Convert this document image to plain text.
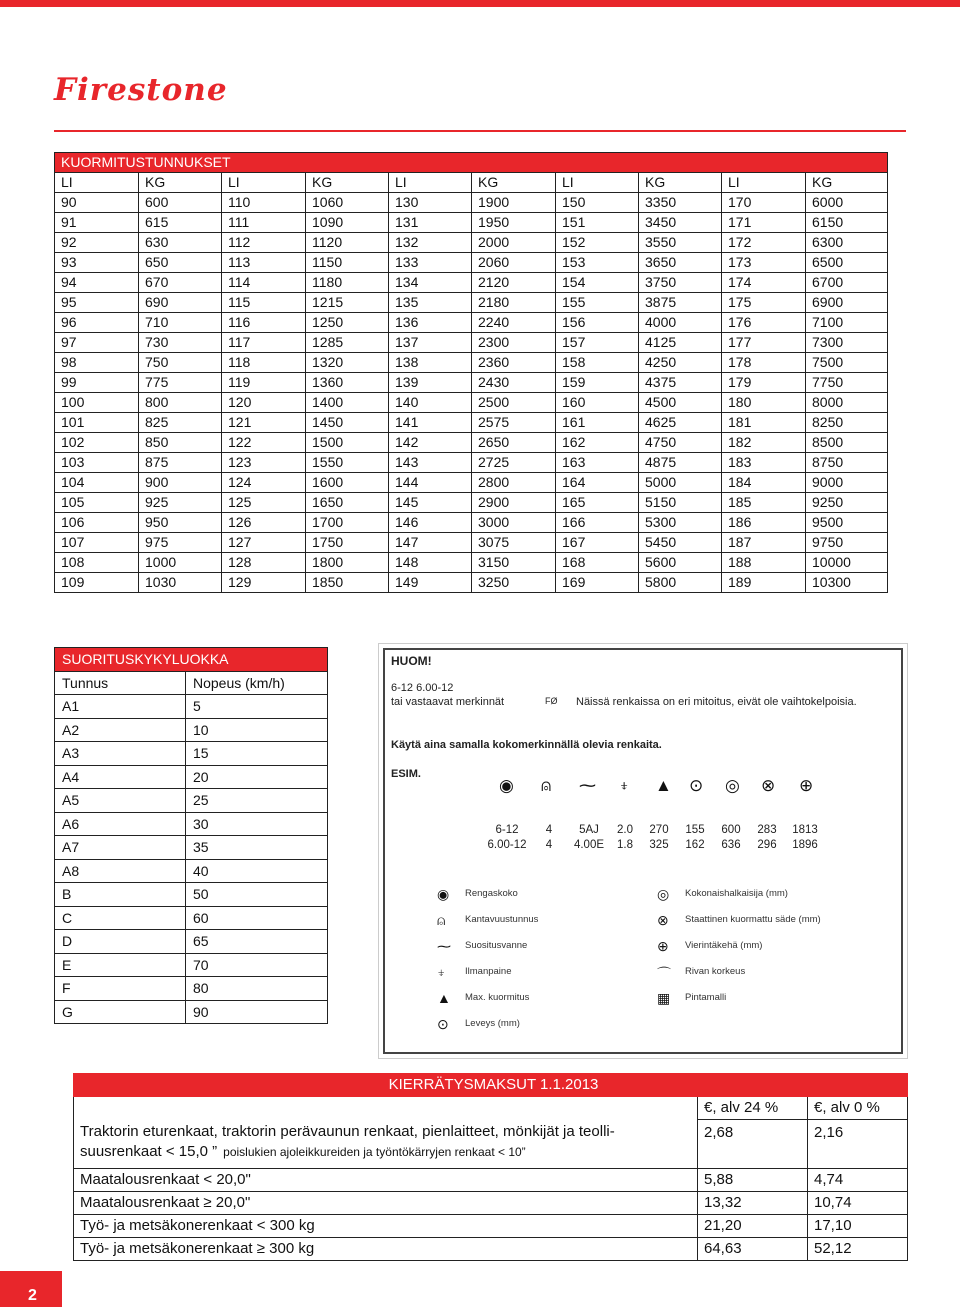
Firestone
KUORMITUSTUNNUKSET									
LI	KG	LI	KG	LI	KG	LI	KG	LI	KG
90	600	110	1060	130	1900	150	3350	170	6000
91	615	111	1090	131	1950	151	3450	171	6150
92	630	112	1120	132	2000	152	3550	172	6300
93	650	113	1150	133	2060	153	3650	173	6500
94	670	114	1180	134	2120	154	3750	174	6700
95	690	115	1215	135	2180	155	3875	175	6900
96	710	116	1250	136	2240	156	4000	176	7100
97	730	117	1285	137	2300	157	4125	177	7300
98	750	118	1320	138	2360	158	4250	178	7500
99	775	119	1360	139	2430	159	4375	179	7750
100	800	120	1400	140	2500	160	4500	180	8000
101	825	121	1450	141	2575	161	4625	181	8250
102	850	122	1500	142	2650	162	4750	182	8500
103	875	123	1550	143	2725	163	4875	183	8750
104	900	124	1600	144	2800	164	5000	184	9000
105	925	125	1650	145	2900	165	5150	185	9250
106	950	126	1700	146	3000	166	5300	186	9500
107	975	127	1750	147	3075	167	5450	187	9750
108	1000	128	1800	148	3150	168	5600	188	10000
109	1030	129	1850	149	3250	169	5800	189	10300
SUORITUSKYKYLUOKKA	
Tunnus	Nopeus (km/h)
A1	5
A2	10
A3	15
A4	20
A5	25
A6	30
A7	35
A8	40
B	50
C	60
D	65
E	70
F	80
G	90
HUOM!
6-12 6.00-12
tai vastaavat merkinnät	FØ Näissä renkaissa on eri mitoitus, eivät ole vaihtokelpoisia.
Käytä aina samalla kokomerkinnällä olevia renkaita.
ESIM.
◉ ⍝ ⁓ ⍖ ▲ ⊙ ◎ ⊗ ⊕
6-12	4	5AJ	2.0	270	155	600	283	1813
6.00-12	4	4.00E	1.8	325	162	636	296	1896
◉ Rengaskoko
⍝ Kantavuustunnus
⁓ Suositusvanne
⍖ Ilmanpaine
▲ Max. kuormitus
⊙ Leveys (mm)
◎ Kokonaishalkaisija (mm)
⊗ Staattinen kuormattu säde (mm)
⊕ Vierintäkehä (mm)
⌒ Rivan korkeus
▦ Pintamalli
KIERRÄTYSMAKSUT 1.1.2013		
	€, alv 24 %	€, alv 0 %

Traktorin eturenkaat, traktorin perävaunun renkaat, pienlaitteet, mönkijät ja teolli-
suusrenkaat < 15,0 ” poislukien ajoleikkureiden ja työntökärryjen renkaat < 10”	2,68	2,16
Maatalousrenkaat < 20,0"	5,88	4,74
Maatalousrenkaat ≥ 20,0"	13,32	10,74
Työ- ja metsäkonerenkaat < 300 kg	21,20	17,10
Työ- ja metsäkonerenkaat ≥ 300 kg	64,63	52,12
2
